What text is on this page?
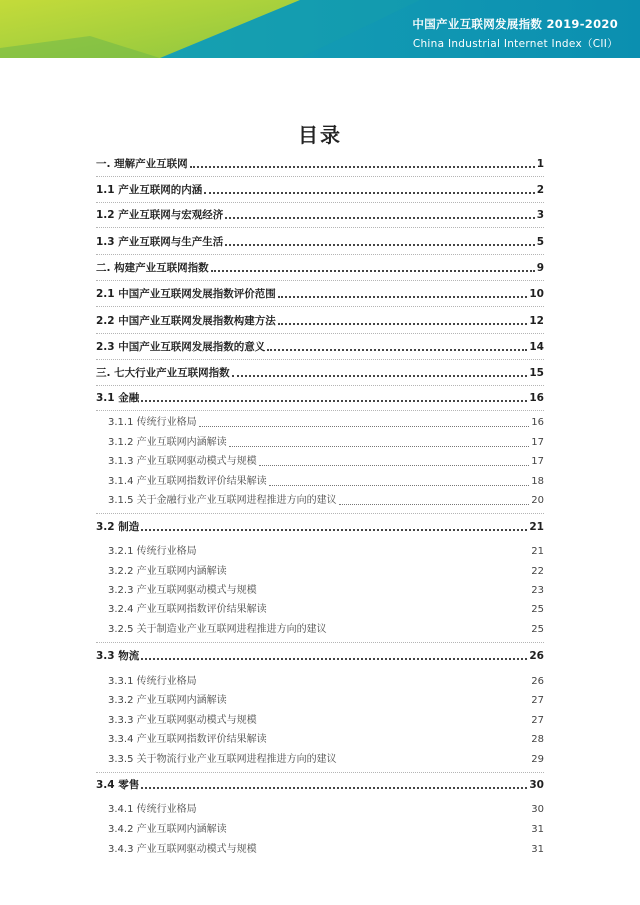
中国产业互联网发展指数 2019-2020
China Industrial Internet Index（CII）
目录
一. 理解产业互联网	1
1.1 产业互联网的内涵	2
1.2 产业互联网与宏观经济	3
1.3 产业互联网与生产生活	5
二. 构建产业互联网指数	9
2.1 中国产业互联网发展指数评价范围	10
2.2 中国产业互联网发展指数构建方法	12
2.3 中国产业互联网发展指数的意义	14
三. 七大行业产业互联网指数	15
3.1 金融	16
3.1.1 传统行业格局	16
3.1.2 产业互联网内涵解读	17
3.1.3 产业互联网驱动模式与规模	17
3.1.4 产业互联网指数评价结果解读	18
3.1.5 关于金融行业产业互联网进程推进方向的建议	20
3.2 制造	21
3.2.1 传统行业格局	21
3.2.2 产业互联网内涵解读	22
3.2.3 产业互联网驱动模式与规模	23
3.2.4 产业互联网指数评价结果解读	25
3.2.5 关于制造业产业互联网进程推进方向的建议	25
3.3 物流	26
3.3.1 传统行业格局	26
3.3.2 产业互联网内涵解读	27
3.3.3 产业互联网驱动模式与规模	27
3.3.4 产业互联网指数评价结果解读	28
3.3.5 关于物流行业产业互联网进程推进方向的建议	29
3.4 零售	30
3.4.1 传统行业格局	30
3.4.2 产业互联网内涵解读	31
3.4.3 产业互联网驱动模式与规模	31
